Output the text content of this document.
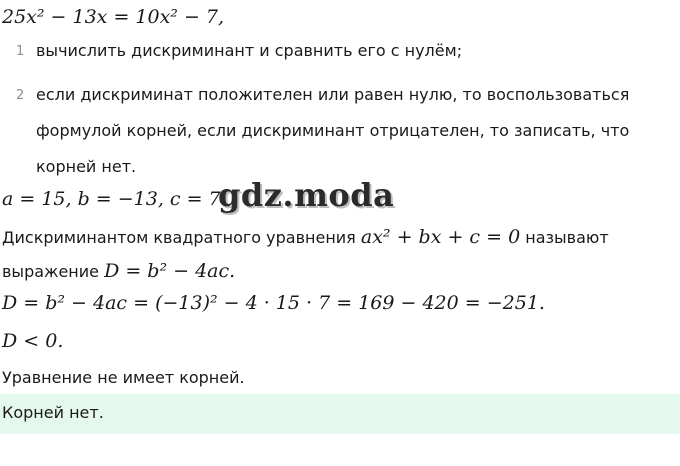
25x² − 13x = 10x² − 7,
1 вычислить дискриминант и сравнить его с нулём;
2 если дискриминат положителен или равен нулю, то воспользоваться
формулой корней, если дискриминант отрицателен, то записать, что
корней нет.
a = 15, b = −13, c = 7
gdz.moda
Дискриминантом квадратного уравнения ax² + bx + c = 0 называют
выражение D = b² − 4ac.
D = b² − 4ac = (−13)² − 4 · 15 · 7 = 169 − 420 = −251.
D < 0.
Уравнение не имеет корней.
Корней нет.
